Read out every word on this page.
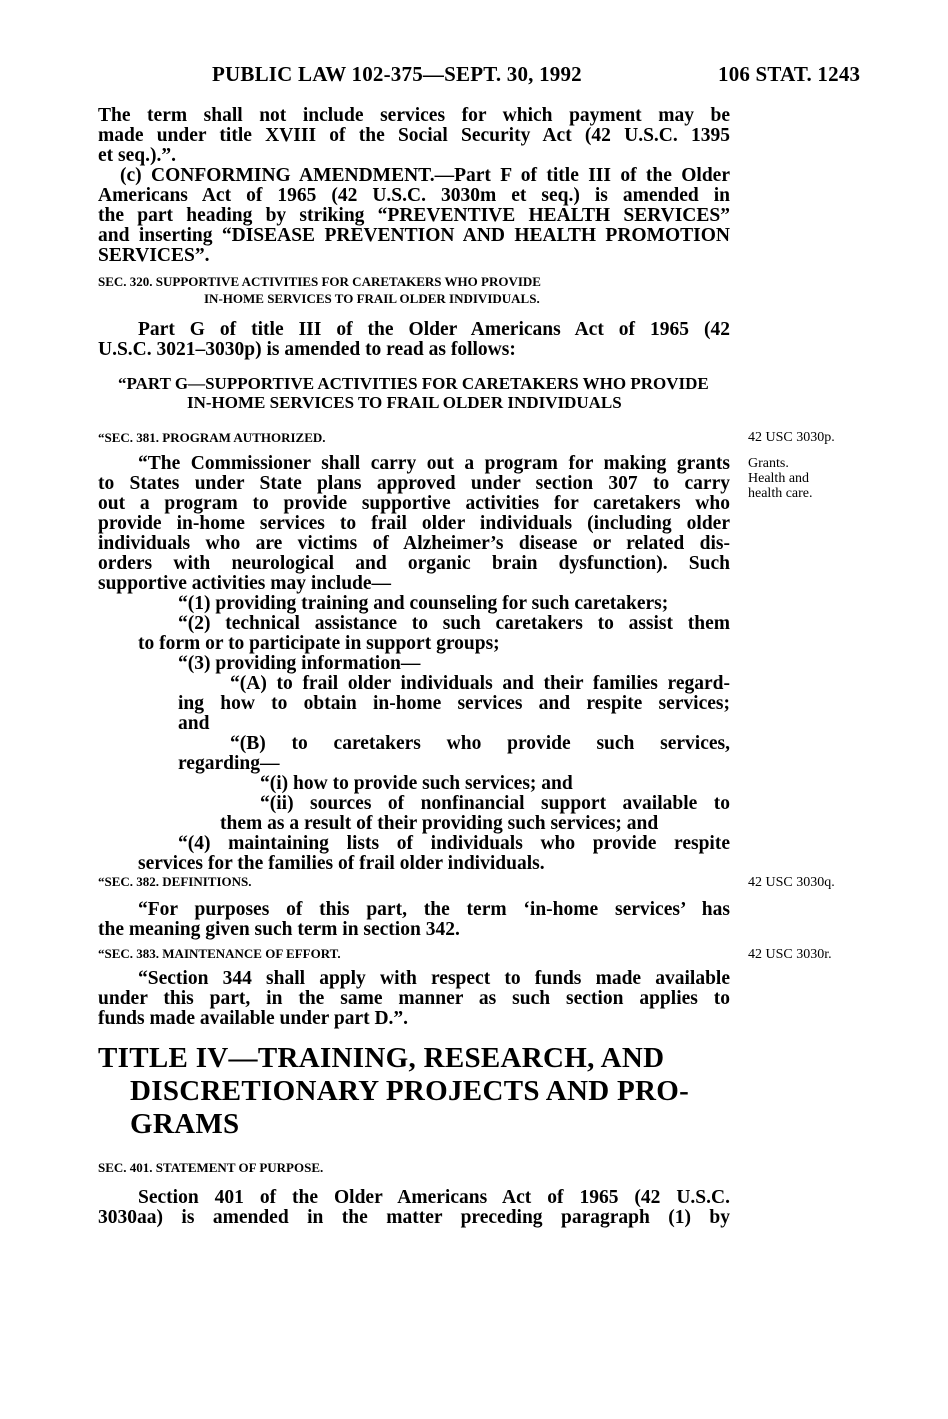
PUBLIC LAW 102-375—SEPT. 30, 1992	106 STAT. 1243
The term shall not include services for which payment may be
made under title XVIII of the Social Security Act (42 U.S.C. 1395
et seq.).”.
(c) CONFORMING AMENDMENT.—Part F of title III of the Older
Americans Act of 1965 (42 U.S.C. 3030m et seq.) is amended in
the part heading by striking “PREVENTIVE HEALTH SERVICES”
and inserting “DISEASE PREVENTION AND HEALTH PROMOTION
SERVICES”.
SEC. 320. SUPPORTIVE ACTIVITIES FOR CARETAKERS WHO PROVIDE
IN-HOME SERVICES TO FRAIL OLDER INDIVIDUALS.
Part G of title III of the Older Americans Act of 1965 (42
U.S.C. 3021–3030p) is amended to read as follows:
“PART G—SUPPORTIVE ACTIVITIES FOR CARETAKERS WHO PROVIDE
IN-HOME SERVICES TO FRAIL OLDER INDIVIDUALS
“SEC. 381. PROGRAM AUTHORIZED.	42 USC 3030p.
Grants.
Health and
health care.
“The Commissioner shall carry out a program for making grants
to States under State plans approved under section 307 to carry
out a program to provide supportive activities for caretakers who
provide in-home services to frail older individuals (including older
individuals who are victims of Alzheimer’s disease or related dis-
orders with neurological and organic brain dysfunction). Such
supportive activities may include—
“(1) providing training and counseling for such caretakers;
“(2) technical assistance to such caretakers to assist them
to form or to participate in support groups;
“(3) providing information—
“(A) to frail older individuals and their families regard-
ing how to obtain in-home services and respite services;
and
“(B) to caretakers who provide such services,
regarding—
“(i) how to provide such services; and
“(ii) sources of nonfinancial support available to
them as a result of their providing such services; and
“(4) maintaining lists of individuals who provide respite
services for the families of frail older individuals.
“SEC. 382. DEFINITIONS.	42 USC 3030q.
“For purposes of this part, the term ‘in-home services’ has
the meaning given such term in section 342.
“SEC. 383. MAINTENANCE OF EFFORT.	42 USC 3030r.
“Section 344 shall apply with respect to funds made available
under this part, in the same manner as such section applies to
funds made available under part D.”.
TITLE IV—TRAINING, RESEARCH, AND
DISCRETIONARY PROJECTS AND PRO-
GRAMS
SEC. 401. STATEMENT OF PURPOSE.
Section 401 of the Older Americans Act of 1965 (42 U.S.C.
3030aa) is amended in the matter preceding paragraph (1) by
